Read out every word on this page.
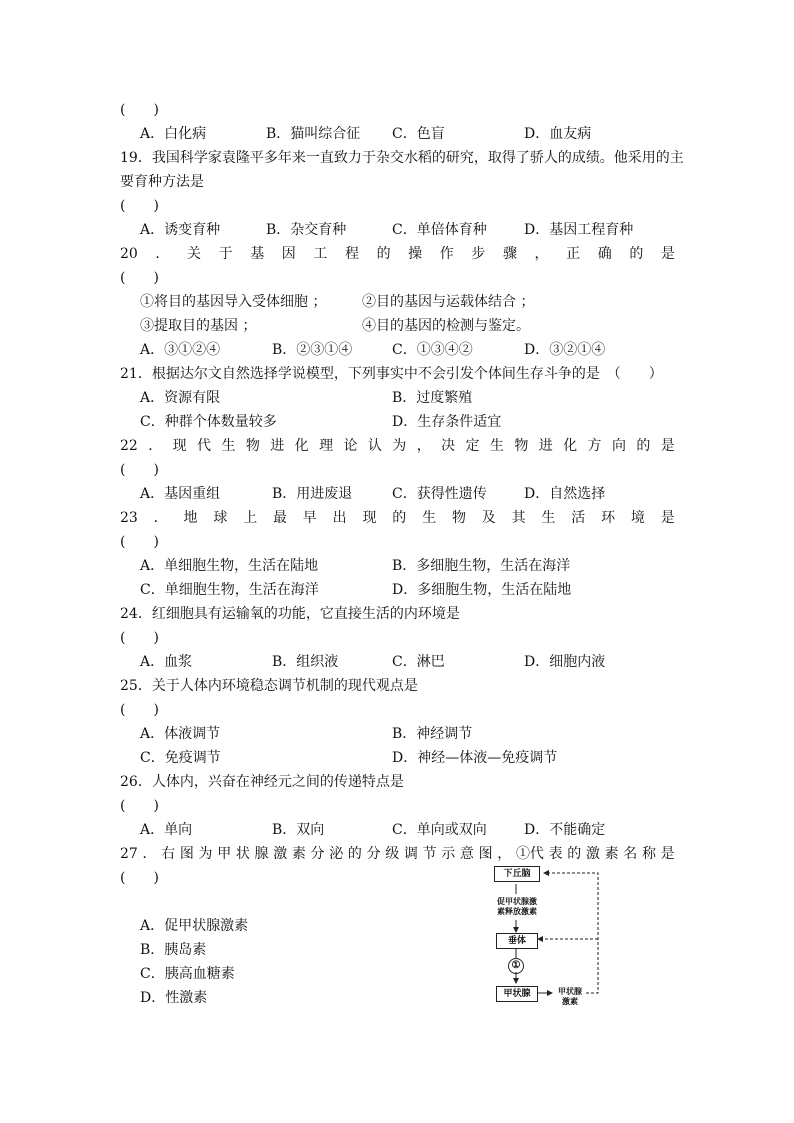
(　　)
A．白化病	B．猫叫综合征 C．色盲	D．血友病
19．我国科学家袁隆平多年来一直致力于杂交水稻的研究，取得了骄人的成绩。他采用的主
要育种方法是
(　　)
A．诱变育种	B．杂交育种	C．单倍体育种	D．基因工程育种
20 ． 关 于 基 因 工 程 的 操 作 步 骤 ， 正 确 的 是
(　　)
①将目的基因导入受体细胞 ；	②目的基因与运载体结合 ；
③提取目的基因 ；	④目的基因的检测与鉴定。
A．③①②④	B．②③①④	C．①③④②	D．③②①④
21．根据达尔文自然选择学说模型，下列事实中不会引发个体间生存斗争的是　（　　）
A．资源有限	B．过度繁殖
C．种群个体数量较多	D．生存条件适宜
22 ． 现 代 生 物 进 化 理 论 认 为 ， 决 定 生 物 进 化 方 向 的 是
(　　)
A．基因重组	B．用进废退	C．获得性遗传	D．自然选择
23 ． 地 球 上 最 早 出 现 的 生 物 及 其 生 活 环 境 是
(　　)
A．单细胞生物，生活在陆地	B．多细胞生物，生活在海洋
C．单细胞生物，生活在海洋	D．多细胞生物，生活在陆地
24．红细胞具有运输氧的功能，它直接生活的内环境是
(　　)
A．血浆	B．组织液	C．淋巴	D．细胞内液
25．关于人体内环境稳态调节机制的现代观点是
(　　)
A．体液调节	B．神经调节
C．免疫调节	D．神经—体液—免疫调节
26．人体内，兴奋在神经元之间的传递特点是
(　　)
A．单向	B．双向	C．单向或双向	D．不能确定
27 ． 右 图 为 甲 状 腺 激 素 分 泌 的 分 级 调 节 示 意 图 ， ①代 表 的 激 素 名 称 是
(　　)
A．促甲状腺激素
B．胰岛素
C．胰高血糖素
D．性激素
下丘脑
促甲状腺激
素释放激素
垂体
①
甲状腺	甲状腺
激素
